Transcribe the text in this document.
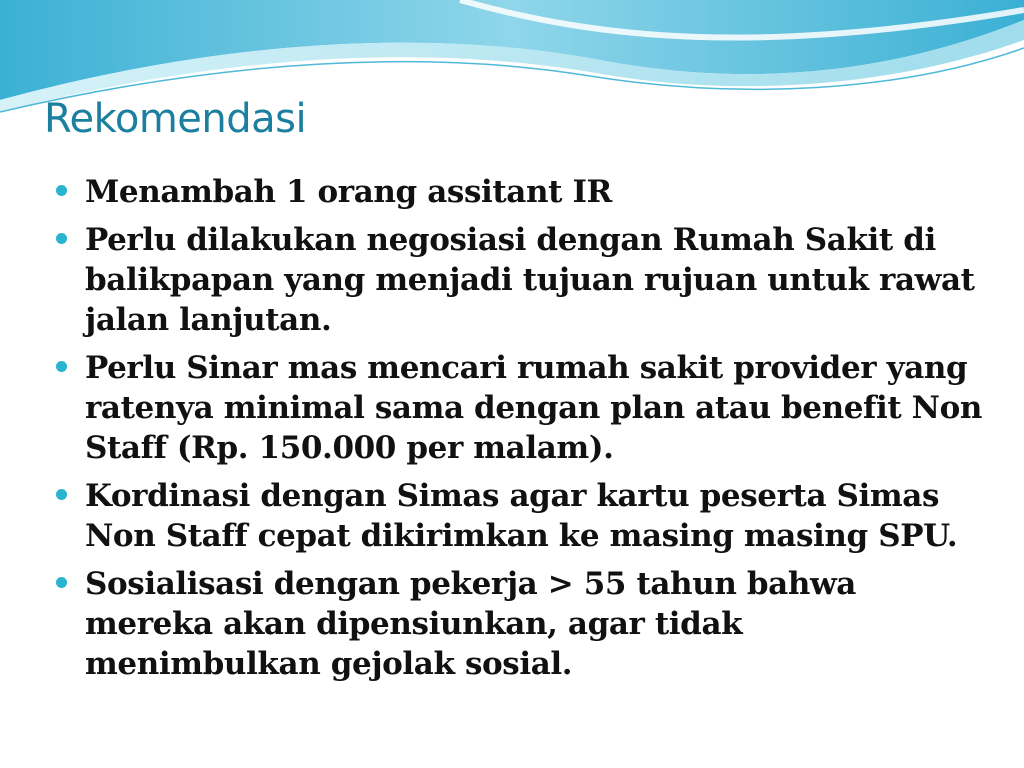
Rekomendasi
Menambah 1 orang assitant IR
Perlu dilakukan negosiasi dengan Rumah Sakit di balikpapan yang menjadi tujuan rujuan untuk rawat jalan lanjutan.
Perlu Sinar mas mencari rumah sakit provider yang ratenya minimal sama dengan plan atau benefit Non Staff (Rp. 150.000 per malam).
Kordinasi dengan Simas agar kartu peserta Simas Non Staff cepat dikirimkan ke masing masing SPU.
Sosialisasi dengan pekerja > 55 tahun bahwa mereka akan dipensiunkan, agar tidak menimbulkan gejolak sosial.
